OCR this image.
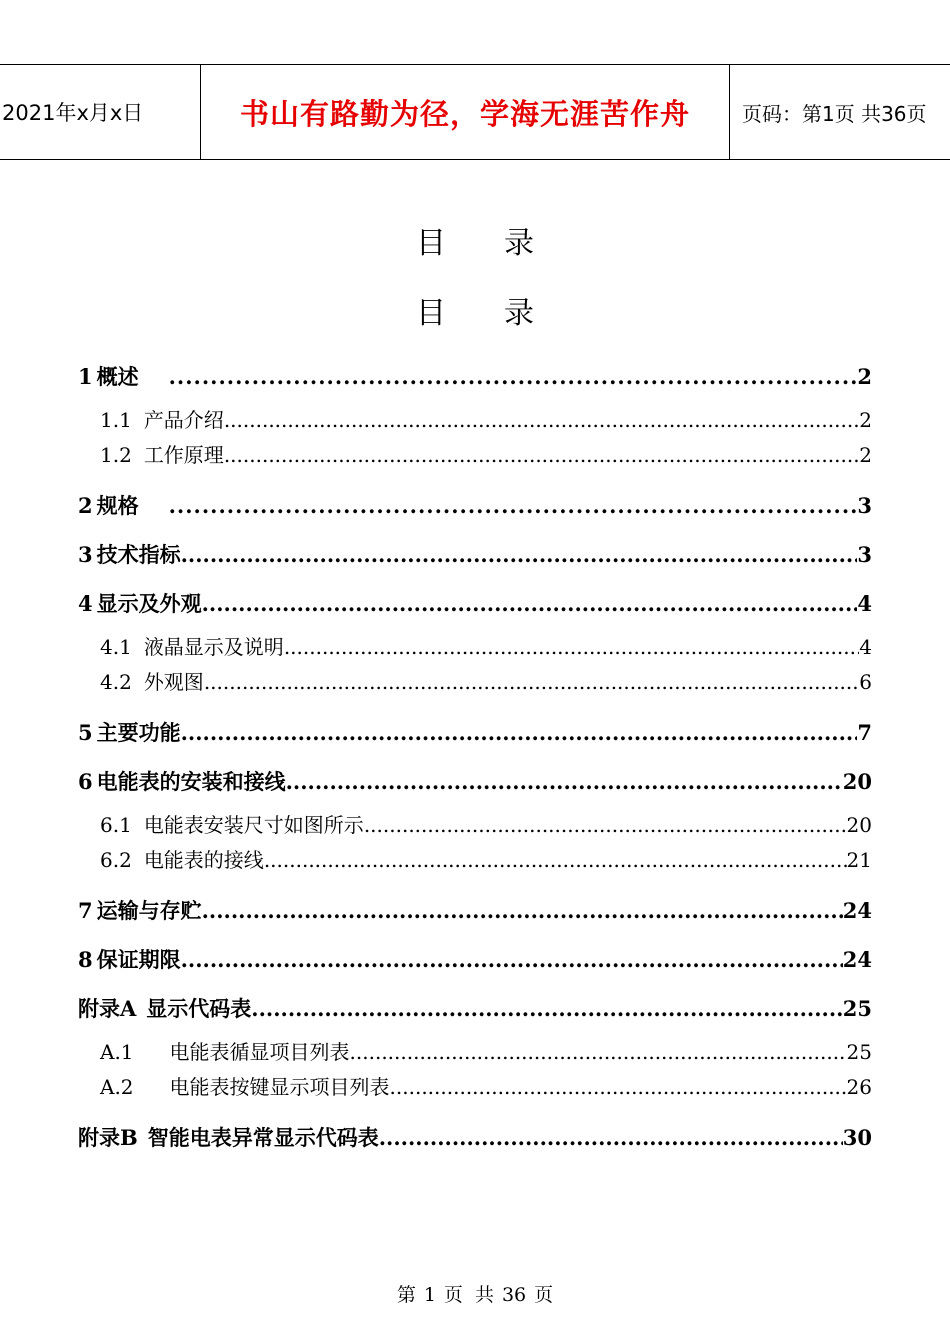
2021年x月x日	书山有路勤为径，学海无涯苦作舟	页码：第1页 共36页
目录
目录
1 概述 .....	2
1.1 产品介绍 .....	2
1.2 工作原理 .....	2
2 规格 .....	3
3 技术指标 .....	3
4 显示及外观 .....	4
4.1 液晶显示及说明 .....	4
4.2 外观图 .....	6
5 主要功能 .....	7
6 电能表的安装和接线 .....	20
6.1 电能表安装尺寸如图所示 .....	20
6.2 电能表的接线 .....	21
7 运输与存贮 .....	24
8 保证期限 .....	24
附录A 显示代码表 .....	25
A.1 电能表循显项目列表 .....	25
A.2 电能表按键显示项目列表 .....	26
附录B 智能电表异常显示代码表 .....	30
第 1 页 共 36 页
